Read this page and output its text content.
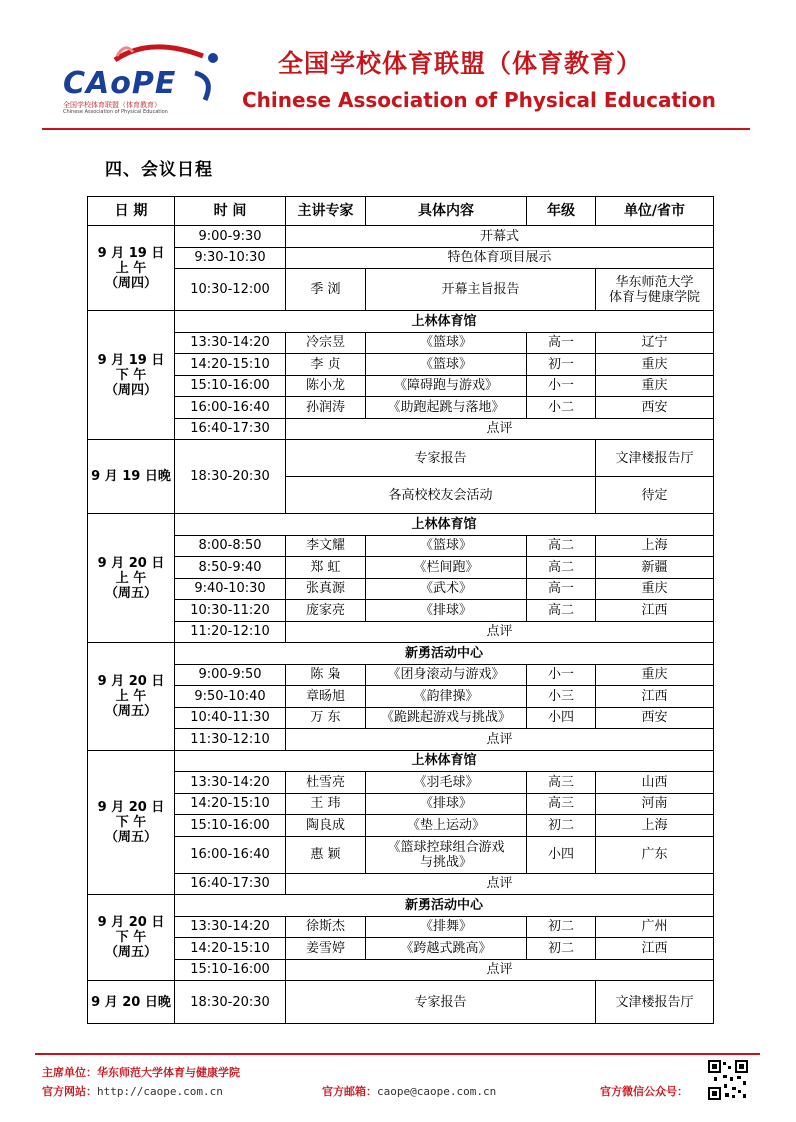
CAoPE
全国学校体育联盟（体育教育）
Chinese Association of Physical Education
全国学校体育联盟（体育教育）
Chinese Association of Physical Education
四、会议日程
日 期	时 间	主讲专家	具体内容	年级	单位/省市

9 月 19 日
上 午
（周四）	9:00-9:30	开幕式			
	9:30-10:30	特色体育项目展示			
	10:30-12:00	季 浏	开幕主旨报告		华东师范大学
体育与健康学院

9 月 19 日
下 午
（周四）	上林体育馆				
	13:30-14:20	冷宗昱	《篮球》	高一	辽宁
	14:20-15:10	李 贞	《篮球》	初一	重庆
	15:10-16:00	陈小龙	《障碍跑与游戏》	小一	重庆
	16:00-16:40	孙润涛	《助跑起跳与落地》	小二	西安
	16:40-17:30	点评			
9 月 19 日晚	18:30-20:30	专家报告			文津楼报告厅
		各高校校友会活动			待定

9 月 20 日
上 午
（周五）	上林体育馆				
	8:00-8:50	李文耀	《篮球》	高二	上海
	8:50-9:40	郑 虹	《栏间跑》	高二	新疆
	9:40-10:30	张真源	《武术》	高一	重庆
	10:30-11:20	庞家亮	《排球》	高二	江西
	11:20-12:10	点评			

9 月 20 日
上 午
（周五）	新勇活动中心				
	9:00-9:50	陈 枭	《团身滚动与游戏》	小一	重庆
	9:50-10:40	章旸旭	《韵律操》	小三	江西
	10:40-11:30	万 东	《跪跳起游戏与挑战》	小四	西安
	11:30-12:10	点评			

9 月 20 日
下 午
（周五）	上林体育馆				
	13:30-14:20	杜雪亮	《羽毛球》	高三	山西
	14:20-15:10	王 玮	《排球》	高三	河南
	15:10-16:00	陶良成	《垫上运动》	初二	上海
	16:00-16:40	惠 颖	《篮球控球组合游戏
与挑战》	小四	广东
	16:40-17:30	点评			

9 月 20 日
下 午
（周五）	新勇活动中心				
	13:30-14:20	徐斯杰	《排舞》	初二	广州
	14:20-15:10	姜雪婷	《跨越式跳高》	初二	江西
	15:10-16:00	点评			
9 月 20 日晚	18:30-20:30	专家报告			文津楼报告厅
主席单位：华东师范大学体育与健康学院
官方网站：http://caope.com.cn	官方邮箱：caope@caope.com.cn	官方微信公众号：
